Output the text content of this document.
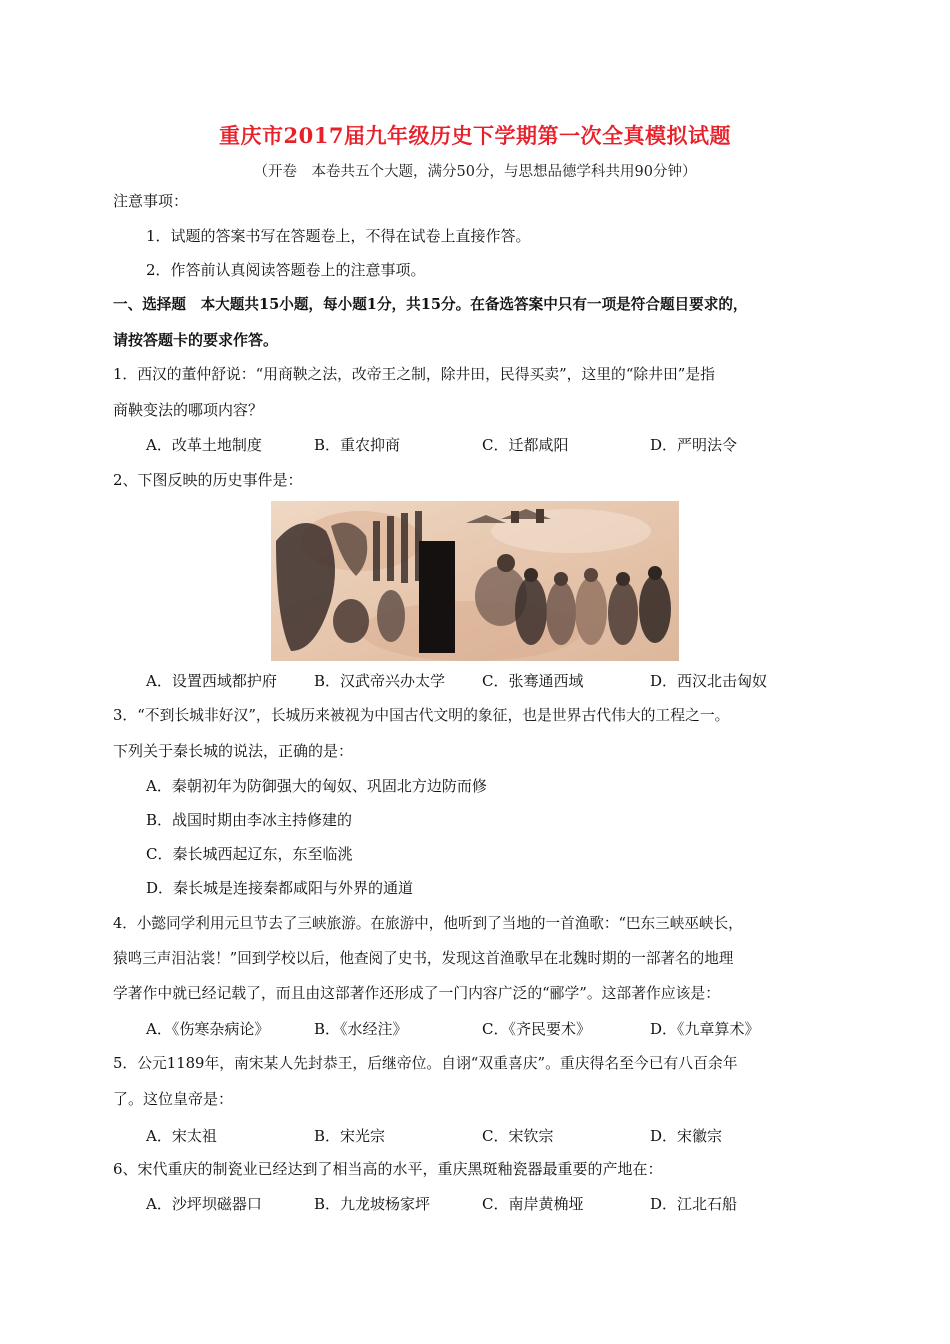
重庆市2017届九年级历史下学期第一次全真模拟试题
（开卷　本卷共五个大题，满分50分，与思想品德学科共用90分钟）
注意事项：
1．试题的答案书写在答题卷上，不得在试卷上直接作答。
2．作答前认真阅读答题卷上的注意事项。
一、选择题　本大题共15小题，每小题1分，共15分。在备选答案中只有一项是符合题目要求的，
请按答题卡的要求作答。
1．西汉的董仲舒说：“用商鞅之法，改帝王之制，除井田，民得买卖”，这里的“除井田”是指
商鞅变法的哪项内容？
A．改革土地制度	B．重农抑商	C．迁都咸阳	D．严明法令
2、下图反映的历史事件是：
A．设置西域都护府 B．汉武帝兴办太学 C．张骞通西域	D．西汉北击匈奴
3．“不到长城非好汉”，长城历来被视为中国古代文明的象征，也是世界古代伟大的工程之一。
下列关于秦长城的说法，正确的是：
A．秦朝初年为防御强大的匈奴、巩固北方边防而修
B．战国时期由李冰主持修建的
C．秦长城西起辽东，东至临洮
D．秦长城是连接秦都咸阳与外界的通道
4．小懿同学利用元旦节去了三峡旅游。在旅游中，他听到了当地的一首渔歌：“巴东三峡巫峡长，
猿鸣三声泪沾裳！”回到学校以后，他查阅了史书，发现这首渔歌早在北魏时期的一部著名的地理
学著作中就已经记载了，而且由这部著作还形成了一门内容广泛的“郦学”。这部著作应该是：
A．《伤寒杂病论》	B．《水经注》	C．《齐民要术》	D．《九章算术》
5．公元1189年，南宋某人先封恭王，后继帝位。自诩“双重喜庆”。重庆得名至今已有八百余年
了。这位皇帝是：
A．宋太祖	B．宋光宗	C．宋钦宗	D．宋徽宗
6、宋代重庆的制瓷业已经达到了相当高的水平，重庆黑斑釉瓷器最重要的产地在：
A．沙坪坝磁器口	B．九龙坡杨家坪	C．南岸黄桷垭	D．江北石船
